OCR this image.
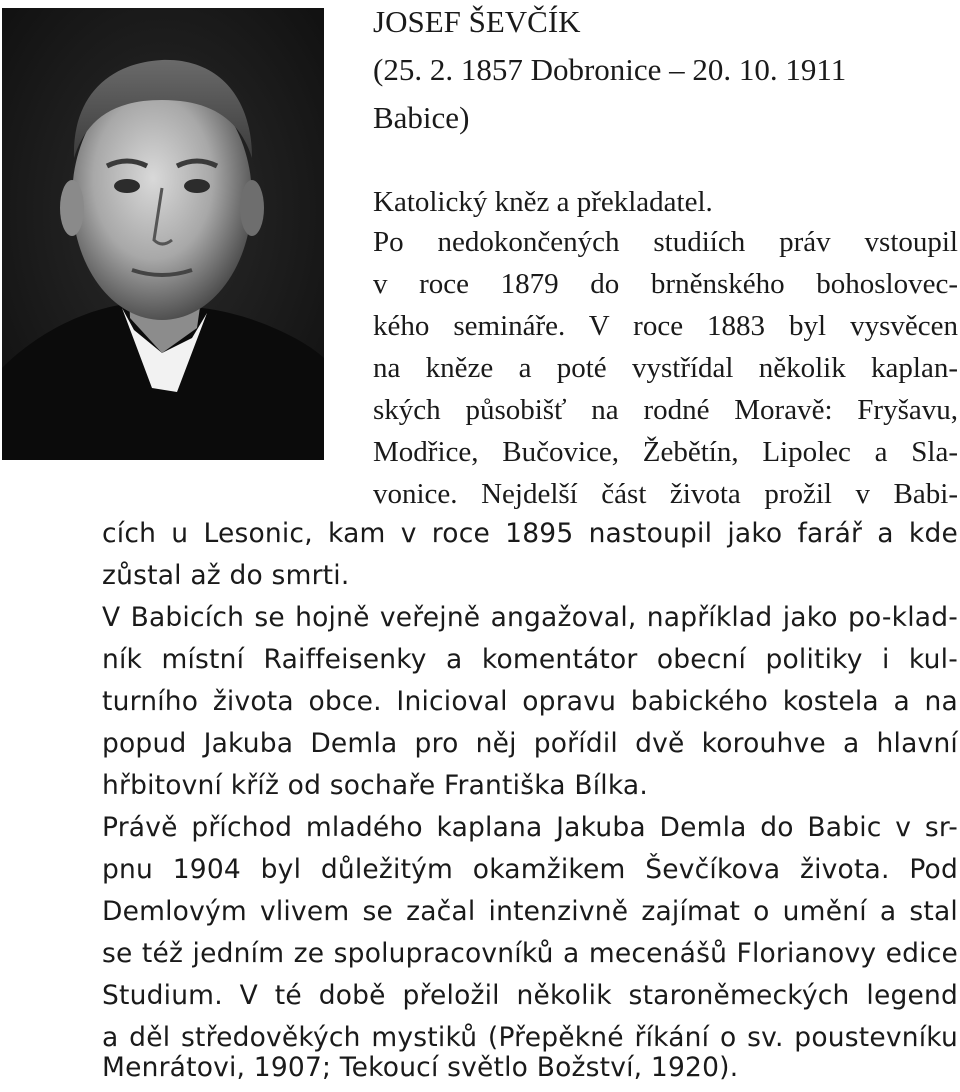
JOSEF ŠEVČÍK
(25. 2. 1857 Dobronice – 20. 10. 1911
Babice)
Katolický kněz a překladatel.
Po nedokončených studiích práv vstoupil
v roce 1879 do brněnského bohoslovec-
kého semináře. V roce 1883 byl vysvěcen
na kněze a poté vystřídal několik kaplan-
ských působišť na rodné Moravě: Fryšavu,
Modřice, Bučovice, Žebětín, Lipolec a Sla-
vonice. Nejdelší část života prožil v Babi-
cích u Lesonic, kam v roce 1895 nastoupil jako farář a kde
zůstal až do smrti.
V Babicích se hojně veřejně angažoval, například jako po-klad-
ník místní Raiffeisenky a komentátor obecní politiky i kul-
turního života obce. Inicioval opravu babického kostela a na
popud Jakuba Demla pro něj pořídil dvě korouhve a hlavní
hřbitovní kříž od sochaře Františka Bílka.
Právě příchod mladého kaplana Jakuba Demla do Babic v sr-
pnu 1904 byl důležitým okamžikem Ševčíkova života. Pod
Demlovým vlivem se začal intenzivně zajímat o umění a stal
se též jedním ze spolupracovníků a mecenášů Florianovy edice
Studium. V té době přeložil několik staroněmeckých legend
a děl středověkých mystiků (Přepěkné říkání o sv. poustevníku
Menrátovi, 1907; Tekoucí světlo Božství, 1920).
